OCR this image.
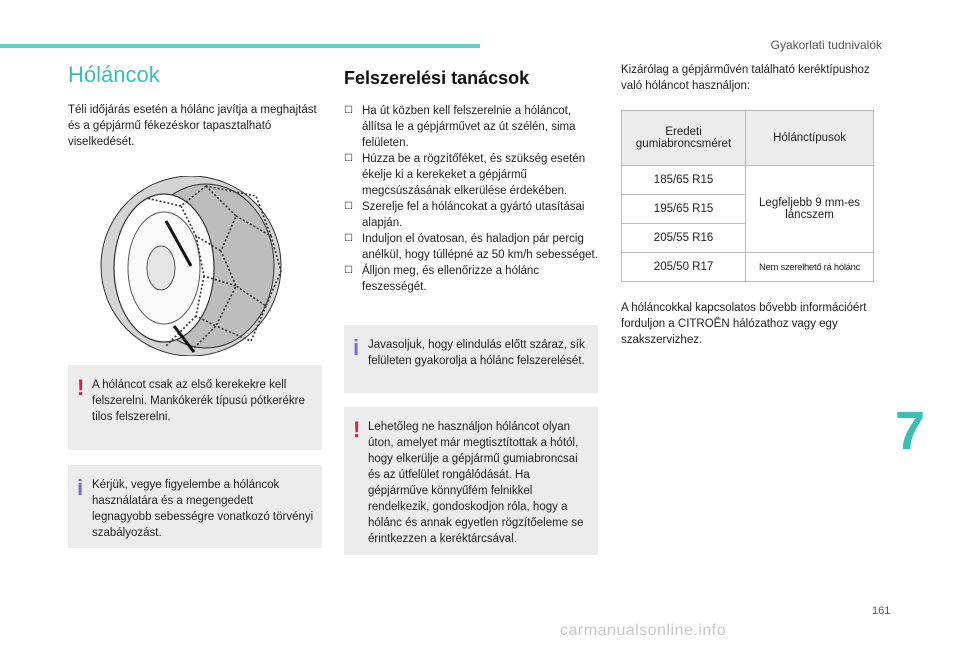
Gyakorlati tudnivalók
Hóláncok

Téli időjárás esetén a hólánc javítja a meghajtást és a gépjármű fékezéskor tapasztalható viselkedését.

! A hóláncot csak az első kerekekre kell felszerelni. Mankókerék típusú pótkerékre tilos felszerelni.
i Kérjük, vegye figyelembe a hóláncok használatára és a megengedett legnagyobb sebességre vonatkozó törvényi szabályozást.
Felszerelési tanácsok
☐ Ha út közben kell felszerelnie a hóláncot, állítsa le a gépjárművet az út szélén, sima felületen.
☐ Húzza be a rögzítőféket, és szükség esetén ékelje ki a kerekeket a gépjármű megcsúszásának elkerülése érdekében.
☐ Szerelje fel a hóláncokat a gyártó utasításai alapján.
☐ Induljon el óvatosan, és haladjon pár percig anélkül, hogy túllépné az 50 km/h sebességet.
☐ Álljon meg, és ellenőrizze a hólánc feszességét.
i Javasoljuk, hogy elindulás előtt száraz, sík felületen gyakorolja a hólánc felszerelését.
! Lehetőleg ne használjon hóláncot olyan úton, amelyet már megtisztítottak a hótól, hogy elkerülje a gépjármű gumiabroncsai és az útfelület rongálódását. Ha gépjárműve könnyűfém felnikkel rendelkezik, gondoskodjon róla, hogy a hólánc és annak egyetlen rögzítőeleme se érintkezzen a keréktárcsával.

Kizárólag a gépjárművén található keréktípushoz való hóláncot használjon:

Eredeti gumiabroncsméret	Hólánctípusok
185/65 R15	Legfeljebb 9 mm-es láncszem
195/65 R15	
205/55 R16	
205/50 R17	Nem szerelhető rá hólánc

A hóláncokkal kapcsolatos bővebb információért forduljon a CITROËN hálózathoz vagy egy szakszervizhez.

7
161
carmanualsonline.info
